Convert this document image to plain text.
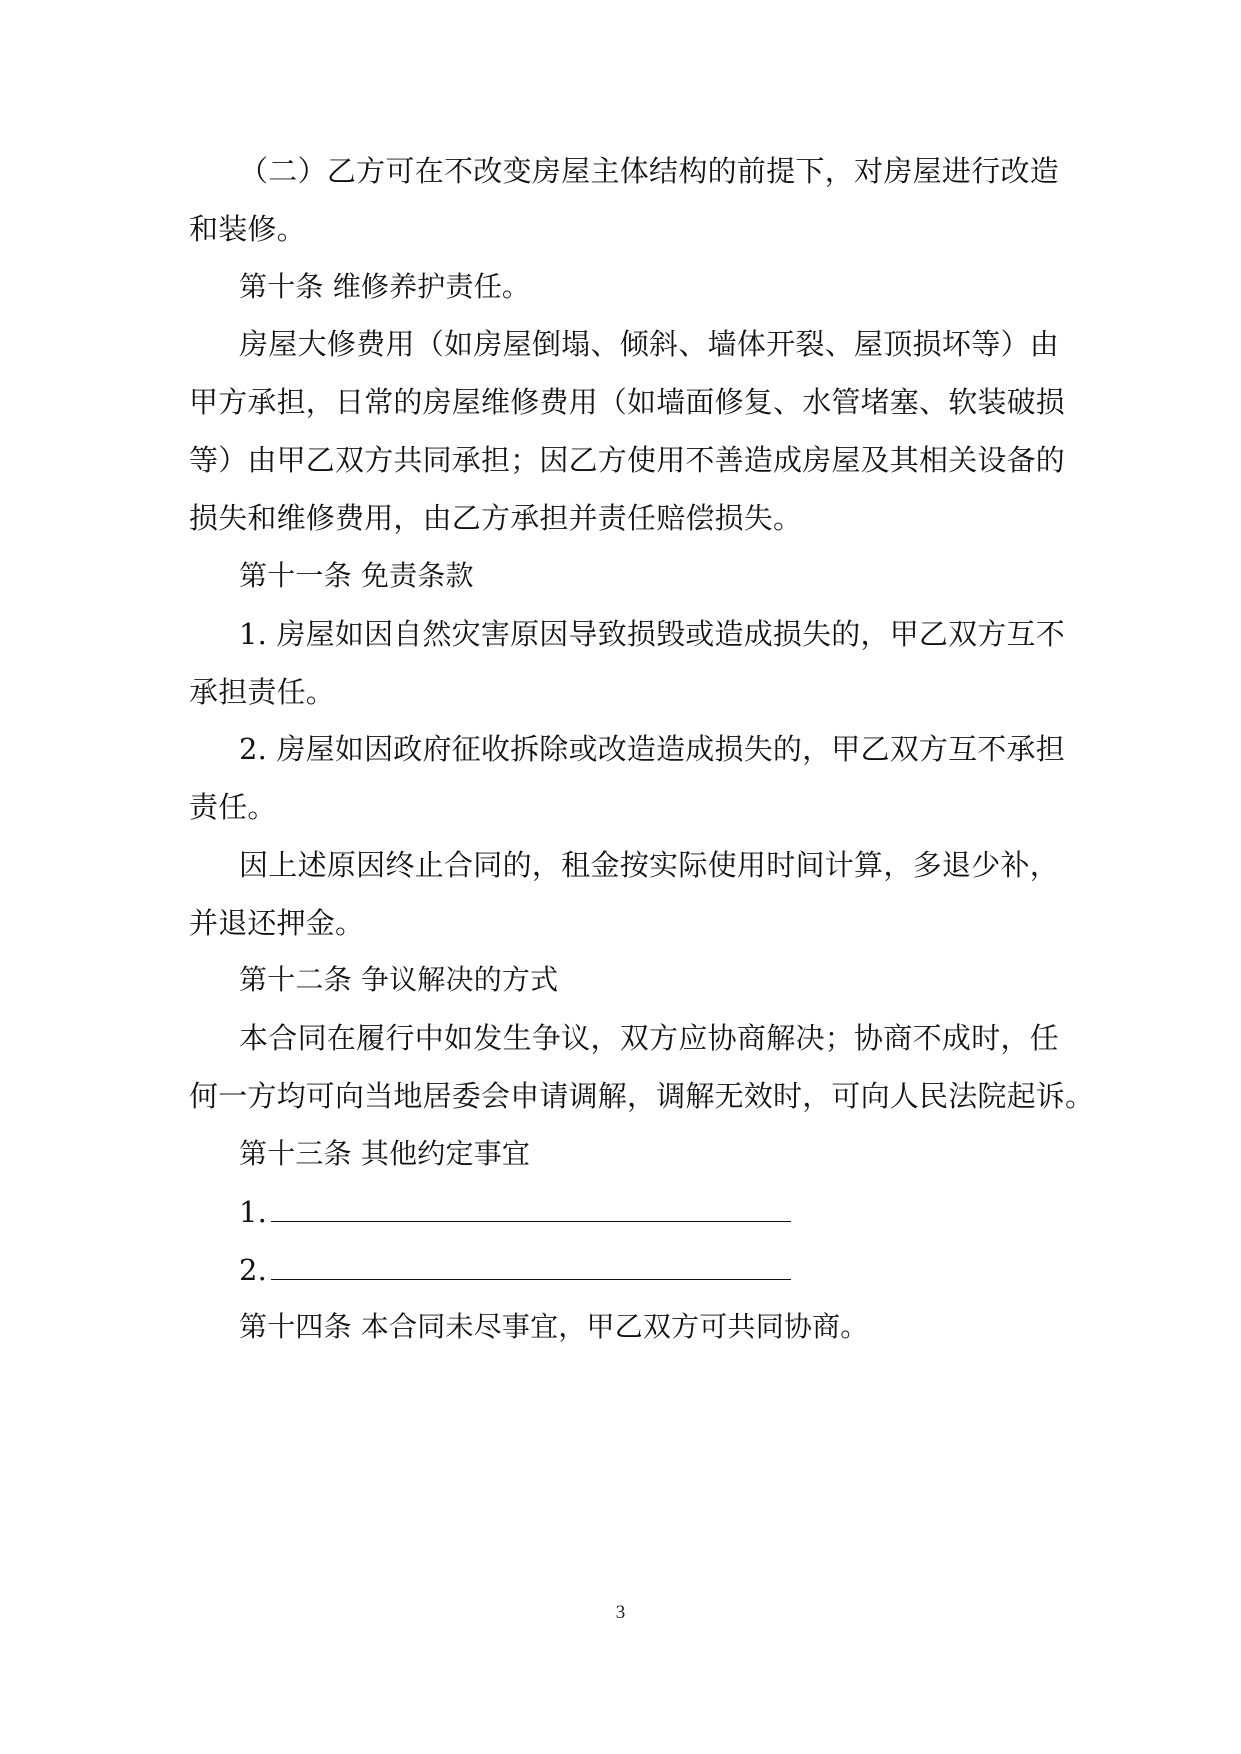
（二）乙方可在不改变房屋主体结构的前提下，对房屋进行改造
和装修。
第十条 维修养护责任。
房屋大修费用（如房屋倒塌、倾斜、墙体开裂、屋顶损坏等）由
甲方承担，日常的房屋维修费用（如墙面修复、水管堵塞、软装破损
等）由甲乙双方共同承担；因乙方使用不善造成房屋及其相关设备的
损失和维修费用，由乙方承担并责任赔偿损失。
第十一条 免责条款
1. 房屋如因自然灾害原因导致损毁或造成损失的，甲乙双方互不
承担责任。
2. 房屋如因政府征收拆除或改造造成损失的，甲乙双方互不承担
责任。
因上述原因终止合同的，租金按实际使用时间计算，多退少补，
并退还押金。
第十二条 争议解决的方式
本合同在履行中如发生争议，双方应协商解决；协商不成时，任
何一方均可向当地居委会申请调解，调解无效时，可向人民法院起诉。
第十三条 其他约定事宜
1.
2.
第十四条 本合同未尽事宜，甲乙双方可共同协商。
3
